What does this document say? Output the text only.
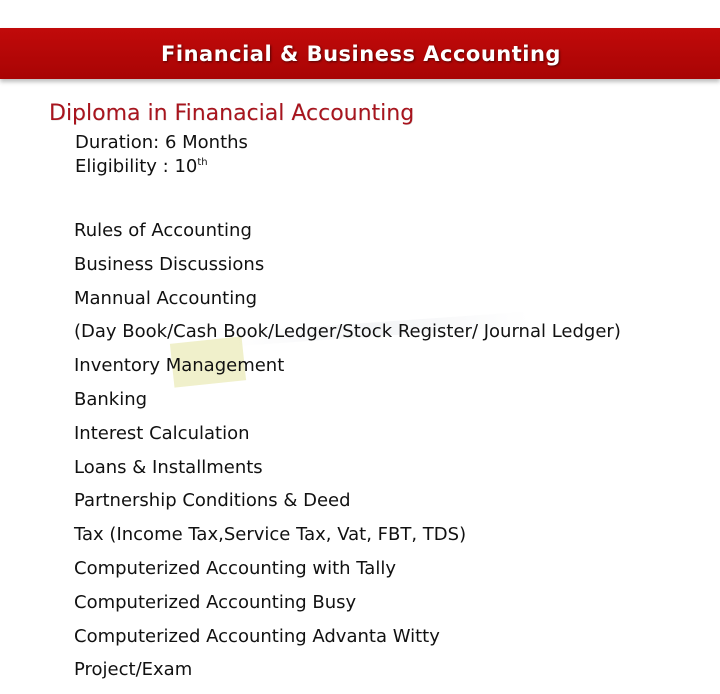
Financial & Business Accounting
Diploma in Finanacial Accounting
Duration: 6 Months
Eligibility : 10th
Rules of Accounting
Business Discussions
Mannual Accounting
(Day Book/Cash Book/Ledger/Stock Register/ Journal Ledger)
Inventory Management
Banking
Interest Calculation
Loans & Installments
Partnership Conditions & Deed
Tax (Income Tax,Service Tax, Vat, FBT, TDS)
Computerized Accounting with Tally
Computerized Accounting Busy
Computerized Accounting Advanta Witty
Project/Exam
